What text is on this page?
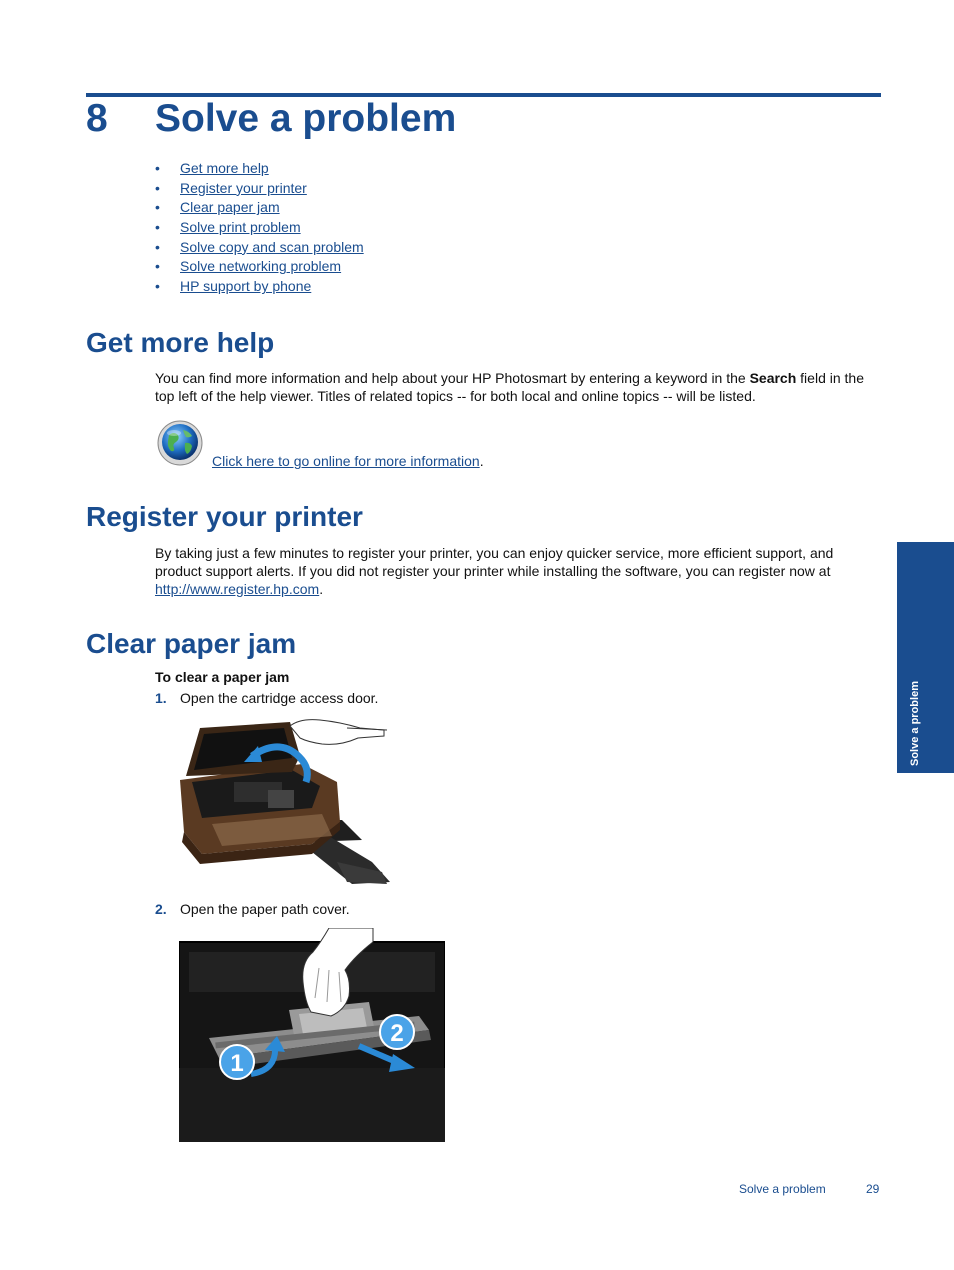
8 Solve a problem
• Get more help
• Register your printer
• Clear paper jam
• Solve print problem
• Solve copy and scan problem
• Solve networking problem
• HP support by phone
Get more help

You can find more information and help about your HP Photosmart by entering a keyword in the Search field in the top left of the help viewer. Titles of related topics -- for both local and online topics -- will be listed.

Click here to go online for more information.
Register your printer

By taking just a few minutes to register your printer, you can enjoy quicker service, more efficient support, and product support alerts. If you did not register your printer while installing the software, you can register now at http://www.register.hp.com.

Clear paper jam
To clear a paper jam
1. Open the cartridge access door.
2. Open the paper path cover.
1
2
Solve a problem
Solve a problem	29
